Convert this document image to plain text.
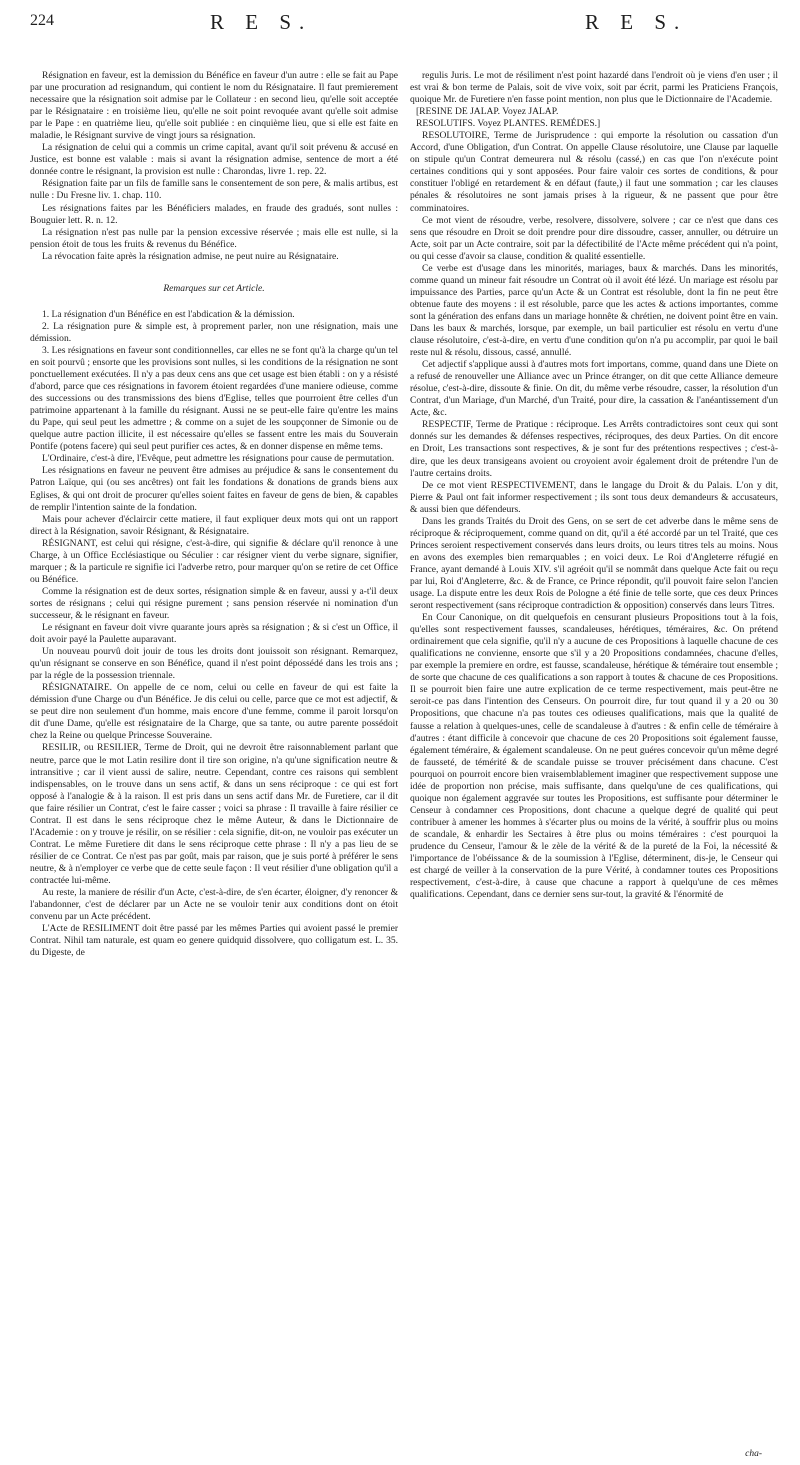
224	R E S.	R E S.

Résignation en faveur, est la demission du Bénéfice en faveur d'un autre : elle se fait au Pape par une procuration ad resignandum, qui contient le nom du Résignataire. Il faut premierement necessaire que la résignation soit admise par le Collateur : en second lieu, qu'elle soit acceptée par le Résignataire : en troisième lieu, qu'elle ne soit point revoquée avant qu'elle soit admise par le Pape : en quatrième lieu, qu'elle soit publiée : en cinquième lieu, que si elle est faite en maladie, le Résignant survive de vingt jours sa résignation.

La résignation de celui qui a commis un crime capital, avant qu'il soit prévenu & accusé en Justice, est bonne est valable : mais si avant la résignation admise, sentence de mort a été donnée contre le résignant, la provision est nulle : Charondas, livre 1. rep. 22.

Résignation faite par un fils de famille sans le consentement de son pere, & malis artibus, est nulle : Du Fresne liv. 1. chap. 110.

Les résignations faites par les Bénéficiers malades, en fraude des gradués, sont nulles : Bouguier lett. R. n. 12.

La résignation n'est pas nulle par la pension excessive réservée ; mais elle est nulle, si la pension étoit de tous les fruits & revenus du Bénéfice.

La révocation faite après la résignation admise, ne peut nuire au Résignataire.

Remarques sur cet Article.

1. La résignation d'un Bénéfice en est l'abdication & la démission.

2. La résignation pure & simple est, à proprement parler, non une résignation, mais une démission.

3. Les résignations en faveur sont conditionnelles, car elles ne se font qu'à la charge qu'un tel en soit pourvû ; ensorte que les provisions sont nulles, si les conditions de la résignation ne sont ponctuellement exécutées. Il n'y a pas deux cens ans que cet usage est bien établi : on y a résisté d'abord, parce que ces résignations in favorem étoient regardées d'une maniere odieuse, comme des successions ou des transmissions des biens d'Eglise, telles que pourroient être celles d'un patrimoine appartenant à la famille du résignant. Aussi ne se peut-elle faire qu'entre les mains du Pape, qui seul peut les admettre ; & comme on a sujet de les soupçonner de Simonie ou de quelque autre paction illicite, il est nécessaire qu'elles se fassent entre les mais du Souverain Pontife (potens facere) qui seul peut purifier ces actes, & en donner dispense en même tems.

L'Ordinaire, c'est-à dire, l'Evêque, peut admettre les résignations pour cause de permutation.

Les résignations en faveur ne peuvent être admises au préjudice & sans le consentement du Patron Laïque, qui (ou ses ancêtres) ont fait les fondations & donations de grands biens aux Eglises, & qui ont droit de procurer qu'elles soient faites en faveur de gens de bien, & capables de remplir l'intention sainte de la fondation.

Mais pour achever d'éclaircir cette matiere, il faut expliquer deux mots qui ont un rapport direct à la Résignation, savoir Résignant, & Résignataire.

RÉSIGNANT, est celui qui résigne, c'est-à-dire, qui signifie & déclare qu'il renonce à une Charge, à un Office Ecclésiastique ou Séculier : car résigner vient du verbe signare, signifier, marquer ; & la particule re signifie ici l'adverbe retro, pour marquer qu'on se retire de cet Office ou Bénéfice.

Comme la résignation est de deux sortes, résignation simple & en faveur, aussi y a-t'il deux sortes de résignans ; celui qui résigne purement ; sans pension réservée ni nomination d'un successeur, & le résignant en faveur.

Le résignant en faveur doit vivre quarante jours après sa résignation ; & si c'est un Office, il doit avoir payé la Paulette auparavant.

Un nouveau pourvû doit jouir de tous les droits dont jouissoit son résignant. Remarquez, qu'un résignant se conserve en son Bénéfice, quand il n'est point dépossédé dans les trois ans ; par la régle de la possession triennale.

RÉSIGNATAIRE. On appelle de ce nom, celui ou celle en faveur de qui est faite la démission d'une Charge ou d'un Bénéfice. Je dis celui ou celle, parce que ce mot est adjectif, & se peut dire non seulement d'un homme, mais encore d'une femme, comme il paroit lorsqu'on dit d'une Dame, qu'elle est résignataire de la Charge, que sa tante, ou autre parente possédoit chez la Reine ou quelque Princesse Souveraine.

RESILIR, ou RESILIER, Terme de Droit, qui ne devroit être raisonnablement parlant que neutre, parce que le mot Latin resilire dont il tire son origine, n'a qu'une signification neutre & intransitive ; car il vient aussi de salire, neutre. Cependant, contre ces raisons qui semblent indispensables, on le trouve dans un sens actif, & dans un sens réciproque : ce qui est fort opposé à l'analogie & à la raison. Il est pris dans un sens actif dans Mr. de Furetiere, car il dit que faire résilier un Contrat, c'est le faire casser ; voici sa phrase : Il travaille à faire résilier ce Contrat. Il est dans le sens réciproque chez le même Auteur, & dans le Dictionnaire de l'Academie : on y trouve je résilir, on se résilier : cela signifie, dit-on, ne vouloir pas exécuter un Contrat. Le même Furetiere dit dans le sens réciproque cette phrase : Il n'y a pas lieu de se résilier de ce Contrat. Ce n'est pas par goût, mais par raison, que je suis porté à préférer le sens neutre, & à n'employer ce verbe que de cette seule façon : Il veut résilier d'une obligation qu'il a contractée lui-même.

Au reste, la maniere de résilir d'un Acte, c'est-à-dire, de s'en écarter, éloigner, d'y renoncer & l'abandonner, c'est de déclarer par un Acte ne se vouloir tenir aux conditions dont on étoit convenu par un Acte précédent.

L'Acte de RESILIMENT doit être passé par les mêmes Parties qui avoient passé le premier Contrat. Nihil tam naturale, est quam eo genere quidquid dissolvere, quo colligatum est. L. 35. du Digeste, de

regulis Juris. Le mot de résiliment n'est point hazardé dans l'endroit où je viens d'en user ; il est vrai & bon terme de Palais, soit de vive voix, soit par écrit, parmi les Praticiens François, quoique Mr. de Furetiere n'en fasse point mention, non plus que le Dictionnaire de l'Academie.

[RESINE DE JALAP. Voyez JALAP.

RESOLUTIFS. Voyez PLANTES. REMÉDES.]

RESOLUTOIRE, Terme de Jurisprudence : qui emporte la résolution ou cassation d'un Accord, d'une Obligation, d'un Contrat. On appelle Clause résolutoire, une Clause par laquelle on stipule qu'un Contrat demeurera nul & résolu (cassé,) en cas que l'on n'exécute point certaines conditions qui y sont apposées. Pour faire valoir ces sortes de conditions, & pour constituer l'obligé en retardement & en défaut (faute,) il faut une sommation ; car les clauses pénales & résolutoires ne sont jamais prises à la rigueur, & ne passent que pour être comminatoires.

Ce mot vient de résoudre, verbe, resolvere, dissolvere, solvere ; car ce n'est que dans ces sens que résoudre en Droit se doit prendre pour dire dissoudre, casser, annuller, ou détruire un Acte, soit par un Acte contraire, soit par la défectibilité de l'Acte même précédent qui n'a point, ou qui cesse d'avoir sa clause, condition & qualité essentielle.

Ce verbe est d'usage dans les minorités, mariages, baux & marchés. Dans les minorités, comme quand un mineur fait résoudre un Contrat où il avoit été lézé. Un mariage est résolu par impuissance des Parties, parce qu'un Acte & un Contrat est résoluble, dont la fin ne peut être obtenue faute des moyens : il est résoluble, parce que les actes & actions importantes, comme sont la génération des enfans dans un mariage honnête & chrétien, ne doivent point être en vain. Dans les baux & marchés, lorsque, par exemple, un bail particulier est résolu en vertu d'une clause résolutoire, c'est-à-dire, en vertu d'une condition qu'on n'a pu accomplir, par quoi le bail reste nul & résolu, dissous, cassé, annullé.

Cet adjectif s'applique aussi à d'autres mots fort importans, comme, quand dans une Diete on a refusé de renouveller une Alliance avec un Prince étranger, on dit que cette Alliance demeure résolue, c'est-à-dire, dissoute & finie. On dit, du même verbe résoudre, casser, la résolution d'un Contrat, d'un Mariage, d'un Marché, d'un Traité, pour dire, la cassation & l'anéantissement d'un Acte, &c.

RESPECTIF, Terme de Pratique : réciproque. Les Arrêts contradictoires sont ceux qui sont donnés sur les demandes & défenses respectives, réciproques, des deux Parties. On dit encore en Droit, Les transactions sont respectives, & je sont fur des prétentions respectives ; c'est-à-dire, que les deux transigeans avoient ou croyoient avoir également droit de prétendre l'un de l'autre certains droits.

De ce mot vient RESPECTIVEMENT, dans le langage du Droit & du Palais. L'on y dit, Pierre & Paul ont fait informer respectivement ; ils sont tous deux demandeurs & accusateurs, & aussi bien que défendeurs.

Dans les grands Traités du Droit des Gens, on se sert de cet adverbe dans le même sens de réciproque & réciproquement, comme quand on dit, qu'il a été accordé par un tel Traité, que ces Princes seroient respectivement conservés dans leurs droits, ou leurs titres tels au moins. Nous en avons des exemples bien remarquables ; en voici deux. Le Roi d'Angleterre réfugié en France, ayant demandé à Louis XIV. s'il agréoit qu'il se nommât dans quelque Acte fait ou reçu par lui, Roi d'Angleterre, &c. & de France, ce Prince répondit, qu'il pouvoit faire selon l'ancien usage. La dispute entre les deux Rois de Pologne a été finie de telle sorte, que ces deux Princes seront respectivement (sans réciproque contradiction & opposition) conservés dans leurs Titres.

En Cour Canonique, on dit quelquefois en censurant plusieurs Propositions tout à la fois, qu'elles sont respectivement fausses, scandaleuses, hérétiques, téméraires, &c. On prétend ordinairement que cela signifie, qu'il n'y a aucune de ces Propositions à laquelle chacune de ces qualifications ne convienne, ensorte que s'il y a 20 Propositions condamnées, chacune d'elles, par exemple la premiere en ordre, est fausse, scandaleuse, hérétique & téméraire tout ensemble ; de sorte que chacune de ces qualifications a son rapport à toutes & chacune de ces Propositions. Il se pourroit bien faire une autre explication de ce terme respectivement, mais peut-être ne seroit-ce pas dans l'intention des Censeurs. On pourroit dire, fur tout quand il y a 20 ou 30 Propositions, que chacune n'a pas toutes ces odieuses qualifications, mais que la qualité de fausse a relation à quelques-unes, celle de scandaleuse à d'autres : & enfin celle de téméraire à d'autres : étant difficile à concevoir que chacune de ces 20 Propositions soit également fausse, également téméraire, & également scandaleuse. On ne peut guéres concevoir qu'un même degré de fausseté, de témérité & de scandale puisse se trouver précisément dans chacune. C'est pourquoi on pourroit encore bien vraisemblablement imaginer que respectivement suppose une idée de proportion non précise, mais suffisante, dans quelqu'une de ces qualifications, qui quoique non également aggravée sur toutes les Propositions, est suffisante pour déterminer le Censeur à condamner ces Propositions, dont chacune a quelque degré de qualité qui peut contribuer à amener les hommes à s'écarter plus ou moins de la vérité, à souffrir plus ou moins de scandale, & enhardir les Sectaires à être plus ou moins téméraires : c'est pourquoi la prudence du Censeur, l'amour & le zèle de la vérité & de la pureté de la Foi, la nécessité & l'importance de l'obéissance & de la soumission à l'Eglise, déterminent, dis-je, le Censeur qui est chargé de veiller à la conservation de la pure Vérité, à condamner toutes ces Propositions respectivement, c'est-à-dire, à cause que chacune a rapport à quelqu'une de ces mêmes qualifications. Cependant, dans ce dernier sens sur-tout, la gravité & l'énormité de

cha-
